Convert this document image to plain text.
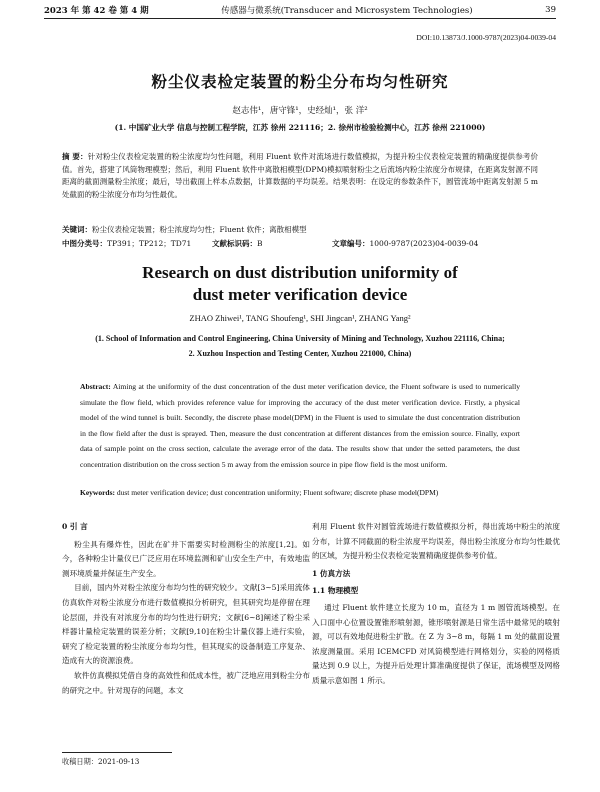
2023 年 第 42 卷 第 4 期	传感器与微系统(Transducer and Microsystem Technologies)	39
DOI:10.13873/J.1000-9787(2023)04-0039-04
粉尘仪表检定装置的粉尘分布均匀性研究
赵志伟¹，唐守锋¹，史经灿¹，张 洋²
(1. 中国矿业大学 信息与控制工程学院，江苏 徐州 221116；2. 徐州市检验检测中心，江苏 徐州 221000)
摘 要：针对粉尘仪表检定装置的粉尘浓度均匀性问题，利用 Fluent 软件对流场进行数值模拟，为提升粉尘仪表检定装置的精确度提供参考价值。首先，搭建了风筒物理模型；然后，利用 Fluent 软件中离散相模型(DPM)模拟喷射粉尘之后流场内粉尘浓度分布规律，在距离发射源不同距离的截面测量粉尘浓度；最后，导出截面上样本点数据，计算数据的平均误差。结果表明：在设定的参数条件下，圆管流场中距离发射源 5 m 处截面的粉尘浓度分布均匀性最优。
关键词：粉尘仪表检定装置；粉尘浓度均匀性；Fluent 软件；离散相模型
中图分类号：TP391；TP212；TD71	文献标识码：B	文章编号：1000-9787(2023)04-0039-04
Research on dust distribution uniformity of
dust meter verification device
ZHAO Zhiwei¹, TANG Shoufeng¹, SHI Jingcan¹, ZHANG Yang²
(1. School of Information and Control Engineering, China University of Mining and Technology, Xuzhou 221116, China;
2. Xuzhou Inspection and Testing Center, Xuzhou 221000, China)
Abstract: Aiming at the uniformity of the dust concentration of the dust meter verification device, the Fluent software is used to numerically simulate the flow field, which provides reference value for improving the accuracy of the dust meter verification device. Firstly, a physical model of the wind tunnel is built. Secondly, the discrete phase model(DPM) in the Fluent is used to simulate the dust concentration distribution in the flow field after the dust is sprayed. Then, measure the dust concentration at different distances from the emission source. Finally, export data of sample point on the cross section, calculate the average error of the data. The results show that under the setted parameters, the dust concentration distribution on the cross section 5 m away from the emission source in pipe flow field is the most uniform.
Keywords: dust meter verification device; dust concentration uniformity; Fluent software; discrete phase model(DPM)
0 引 言

粉尘具有爆炸性，因此在矿井下需要实时检测粉尘的浓度[1,2]。如今，各种粉尘计量仪已广泛应用在环境监测和矿山安全生产中，有效地监测环境质量并保证生产安全。

目前，国内外对粉尘浓度分布均匀性的研究较少。文献[3~5]采用流体仿真软件对粉尘浓度分布进行数值模拟分析研究，但其研究均是停留在理论层面，并没有对浓度分布的均匀性进行研究；文献[6~8]阐述了粉尘采样器计量检定装置的误差分析；文献[9,10]在粉尘计量仪器上进行实验，研究了检定装置的粉尘浓度分布均匀性，但其现实的设备制造工序复杂、造成有大的资源浪费。

软件仿真模拟凭借自身的高效性和低成本性，被广泛地应用到粉尘分布的研究之中。针对现存的问题，本文

利用 Fluent 软件对圆管流场进行数值模拟分析，得出流场中粉尘的浓度分布，计算不同截面的粉尘浓度平均误差，得出粉尘浓度分布均匀性最优的区域，为提升粉尘仪表检定装置精确度提供参考价值。

1 仿真方法
1.1 物理模型

通过 Fluent 软件建立长度为 10 m，直径为 1 m 圆管流场模型。在入口面中心位置设置锥形喷射源，锥形喷射源是日常生活中最常见的喷射源，可以有效地促进粉尘扩散。在 Z 为 3~8 m，每隔 1 m 处的截面设置浓度测量面。采用 ICEMCFD 对风筒模型进行网格划分，实验的网格质量达到 0.9 以上，为提升后处理计算准确度提供了保证，流场模型及网格质量示意如图 1 所示。

收稿日期：2021-09-13
